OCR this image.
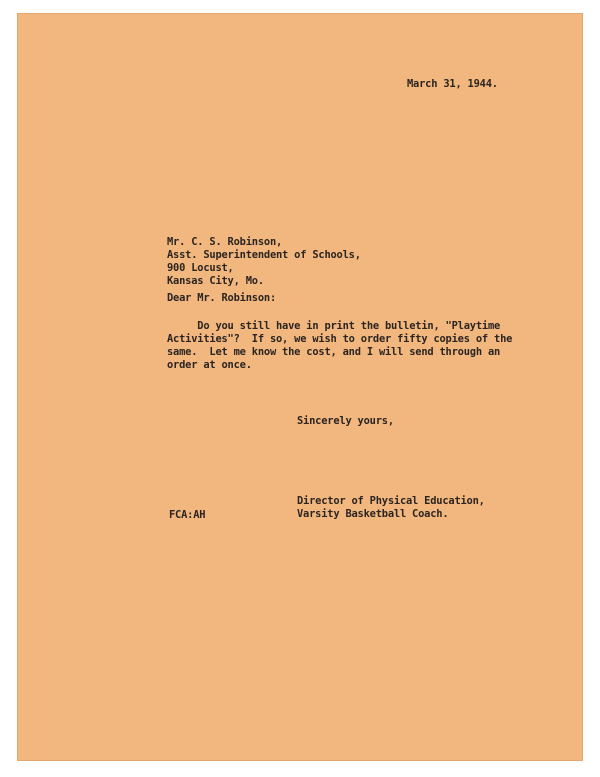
March 31, 1944.
Mr. C. S. Robinson,
Asst. Superintendent of Schools,
900 Locust,
Kansas City, Mo.
Dear Mr. Robinson:
Do you still have in print the bulletin, "Playtime
Activities"?  If so, we wish to order fifty copies of the
same.  Let me know the cost, and I will send through an
order at once.
Sincerely yours,
Director of Physical Education,
Varsity Basketball Coach.
FCA:AH
